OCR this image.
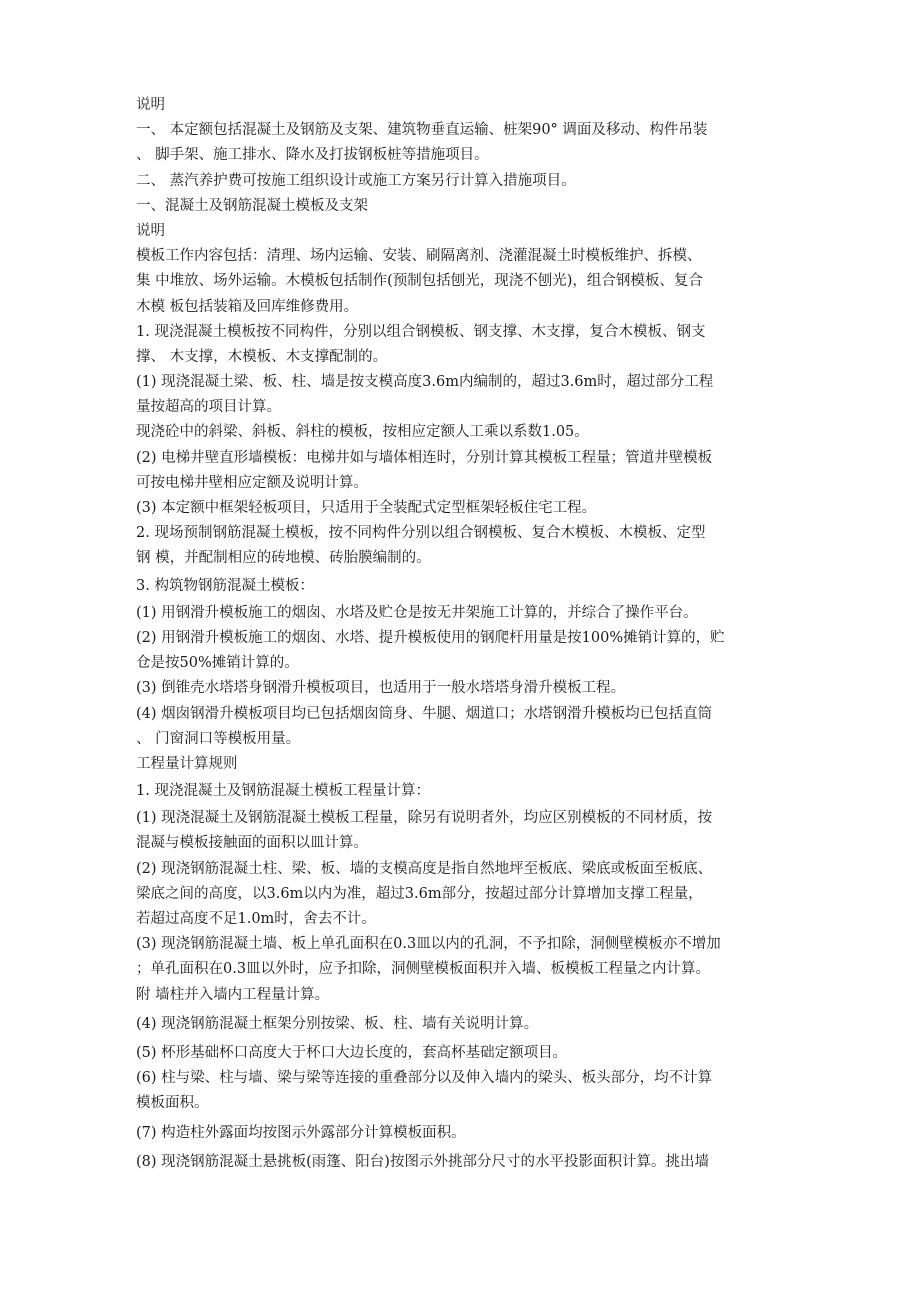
说明
一、 本定额包括混凝土及钢筋及支架、建筑物垂直运输、桩架90° 调面及移动、构件吊装
、 脚手架、施工排水、降水及打拔钢板桩等措施项目。
二、 蒸汽养护费可按施工组织设计或施工方案另行计算入措施项目。
一、混凝土及钢筋混凝土模板及支架
说明
模板工作内容包括：清理、场内运输、安装、刷隔离剂、浇灌混凝土时模板维护、拆模、
集 中堆放、场外运输。木模板包括制作(预制包括刨光，现浇不刨光)，组合钢模板、复合
木模 板包括装箱及回库维修费用。
1. 现浇混凝土模板按不同构件，分别以组合钢模板、钢支撑、木支撑，复合木模板、钢支
撑、 木支撑，木模板、木支撑配制的。
(1) 现浇混凝土梁、板、柱、墙是按支模高度3.6m内编制的，超过3.6m时，超过部分工程
量按超高的项目计算。
现浇砼中的斜梁、斜板、斜柱的模板，按相应定额人工乘以系数1.05。
(2) 电梯井壁直形墙模板：电梯井如与墙体相连时，分别计算其模板工程量；管道井壁模板
可按电梯井壁相应定额及说明计算。
(3) 本定额中框架轻板项目，只适用于全装配式定型框架轻板住宅工程。
2. 现场预制钢筋混凝土模板，按不同构件分别以组合钢模板、复合木模板、木模板、定型
钢 模，并配制相应的砖地模、砖胎膜编制的。
3. 构筑物钢筋混凝土模板：
(1) 用钢滑升模板施工的烟囱、水塔及贮仓是按无井架施工计算的，并综合了操作平台。
(2) 用钢滑升模板施工的烟囱、水塔、提升模板使用的钢爬杆用量是按100%摊销计算的，贮
仓是按50%摊销计算的。
(3) 倒锥壳水塔塔身钢滑升模板项目，也适用于一般水塔塔身滑升模板工程。
(4) 烟囱钢滑升模板项目均已包括烟囱筒身、牛腿、烟道口；水塔钢滑升模板均已包括直筒
、 门窗洞口等模板用量。
工程量计算规则
1. 现浇混凝土及钢筋混凝土模板工程量计算：
(1) 现浇混凝土及钢筋混凝土模板工程量，除另有说明者外，均应区别模板的不同材质，按
混凝与模板接触面的面积以皿计算。
(2) 现浇钢筋混凝土柱、梁、板、墙的支模高度是指自然地坪至板底、梁底或板面至板底、
梁底之间的高度，以3.6m以内为准，超过3.6m部分，按超过部分计算增加支撑工程量，
若超过高度不足1.0m时，舍去不计。
(3) 现浇钢筋混凝土墙、板上单孔面积在0.3皿以内的孔洞，不予扣除，洞侧壁模板亦不增加
；单孔面积在0.3皿以外时，应予扣除，洞侧壁模板面积并入墙、板模板工程量之内计算。
附 墙柱并入墙内工程量计算。
(4) 现浇钢筋混凝土框架分别按梁、板、柱、墙有关说明计算。
(5) 杯形基础杯口高度大于杯口大边长度的，套高杯基础定额项目。
(6) 柱与梁、柱与墙、梁与梁等连接的重叠部分以及伸入墙内的梁头、板头部分，均不计算
模板面积。
(7) 构造柱外露面均按图示外露部分计算模板面积。
(8) 现浇钢筋混凝土悬挑板(雨篷、阳台)按图示外挑部分尺寸的水平投影面积计算。挑出墙
